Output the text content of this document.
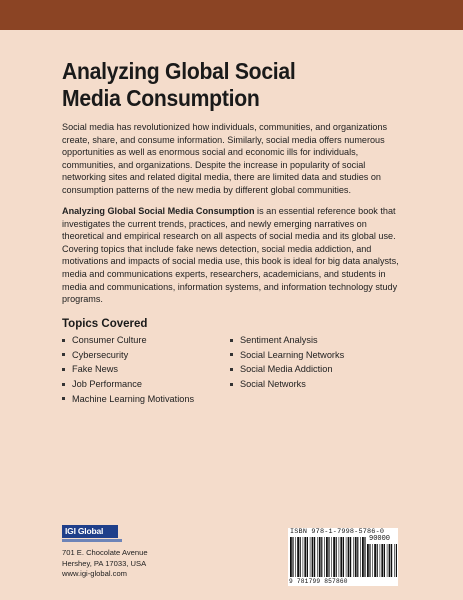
Analyzing Global Social
Media Consumption
Social media has revolutionized how individuals, communities, and organizations create, share, and consume information. Similarly, social media offers numerous opportunities as well as enormous social and economic ills for individuals, communities, and organizations. Despite the increase in popularity of social networking sites and related digital media, there are limited data and studies on consumption patterns of the new media by different global communities.
Analyzing Global Social Media Consumption is an essential reference book that investigates the current trends, practices, and newly emerging narratives on theoretical and empirical research on all aspects of social media and its global use. Covering topics that include fake news detection, social media addiction, and motivations and impacts of social media use, this book is ideal for big data analysts, media and communications experts, researchers, academicians, and students in media and communications, information systems, and information technology study programs.
Topics Covered
Consumer Culture
Cybersecurity
Fake News
Job Performance
Machine Learning Motivations
Sentiment Analysis
Social Learning Networks
Social Media Addiction
Social Networks
IGI Global
701 E. Chocolate Avenue
Hershey, PA 17033, USA
www.igi-global.com
ISBN 978-1-7998-5786-0
90000
9 781799 857860
